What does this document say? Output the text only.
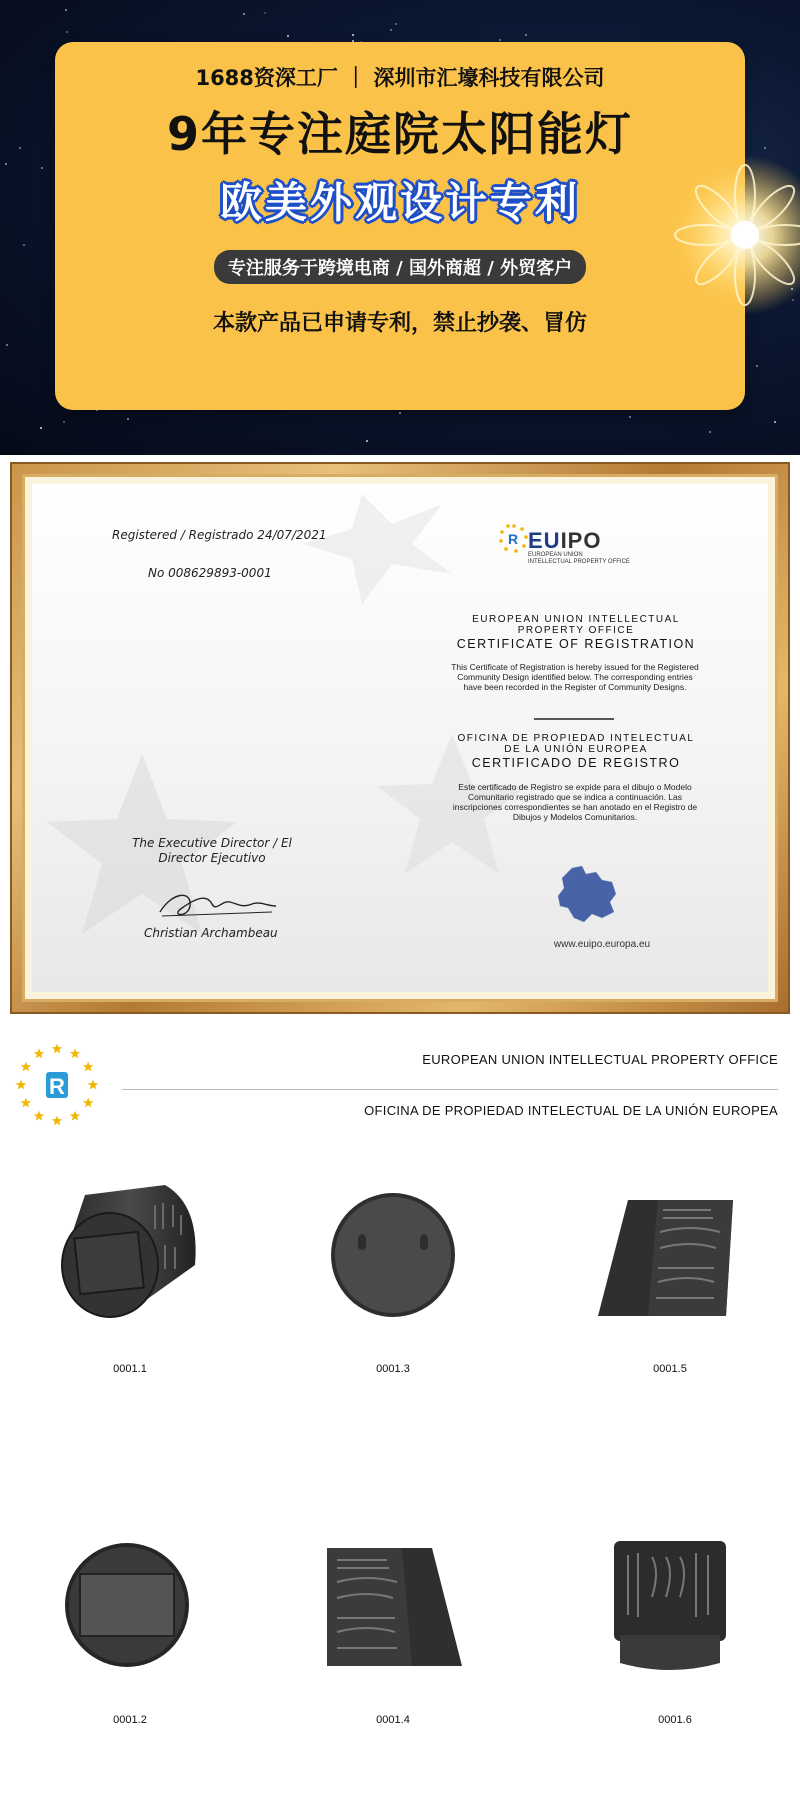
1688资深工厂 ｜ 深圳市汇壕科技有限公司
9年专注庭院太阳能灯
欧美外观设计专利
专注服务于跨境电商 / 国外商超 / 外贸客户
本款产品已申请专利，禁止抄袭、冒仿
Registered / Registrado 24/07/2021
No 008629893-0001
R EUIPO
EUROPEAN UNION
INTELLECTUAL PROPERTY OFFICE
EUROPEAN UNION INTELLECTUAL
PROPERTY OFFICE
CERTIFICATE OF REGISTRATION
This Certificate of Registration is hereby issued for the Registered Community Design identified below. The corresponding entries have been recorded in the Register of Community Designs.
OFICINA DE PROPIEDAD INTELECTUAL
DE LA UNIÓN EUROPEA
CERTIFICADO DE REGISTRO
Este certificado de Registro se expide para el dibujo o Modelo Comunitario registrado que se indica a continuación. Las inscripciones correspondientes se han anotado en el Registro de Dibujos y Modelos Comunitarios.
The Executive Director / El Director Ejecutivo
Christian Archambeau
www.euipo.europa.eu
R
EUROPEAN UNION INTELLECTUAL PROPERTY OFFICE
OFICINA DE PROPIEDAD INTELECTUAL DE LA UNIÓN EUROPEA
0001.1	0001.3	0001.5
0001.2	0001.4	0001.6
